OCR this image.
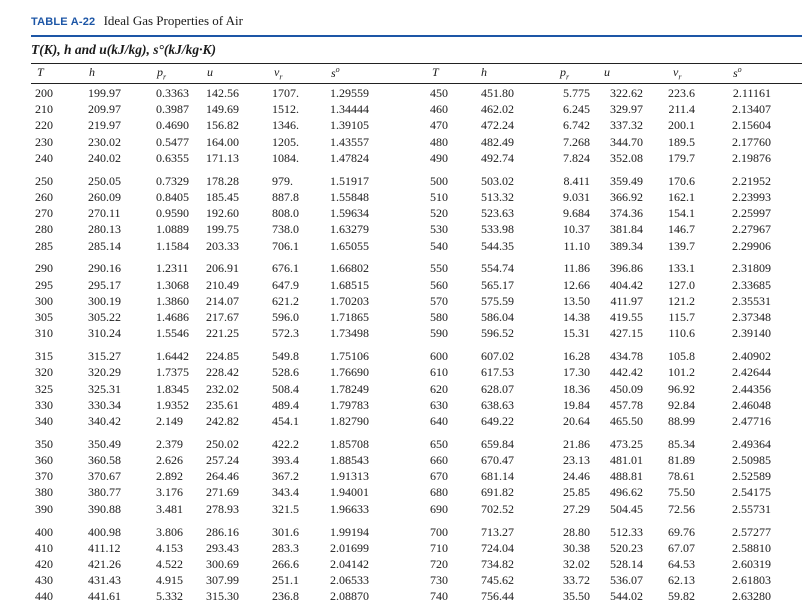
TABLE A-22 Ideal Gas Properties of Air
T(K), h and u(kJ/kg), s°(kJ/kg·K)
T	h	$p_r$	u	$v_r$	$s^o$	T	h	$p_r$	u	$v_r$	$s^o$
200	199.97	0.3363 142.56	1707.	1.29559	450	451.80	5.775 322.62 223.6	2.11161
210	209.97	0.3987 149.69	1512.	1.34444	460	462.02	6.245 329.97 211.4	2.13407
220	219.97	0.4690 156.82	1346.	1.39105	470	472.24	6.742 337.32 200.1	2.15604
230	230.02	0.5477 164.00	1205.	1.43557	480	482.49	7.268 344.70 189.5	2.17760
240	240.02	0.6355 171.13	1084.	1.47824	490	492.74	7.824 352.08 179.7	2.19876
250	250.05	0.7329 178.28	979.	1.51917	500	503.02	8.411 359.49 170.6	2.21952
260	260.09	0.8405 185.45	887.8	1.55848	510	513.32	9.031 366.92 162.1	2.23993
270	270.11	0.9590 192.60	808.0	1.59634	520	523.63	9.684 374.36 154.1	2.25997
280	280.13	1.0889 199.75	738.0	1.63279	530	533.98	10.37 381.84 146.7	2.27967
285	285.14	1.1584 203.33	706.1	1.65055	540	544.35	11.10 389.34 139.7	2.29906
290	290.16	1.2311 206.91	676.1	1.66802	550	554.74	11.86 396.86 133.1	2.31809
295	295.17	1.3068 210.49	647.9	1.68515	560	565.17	12.66 404.42 127.0	2.33685
300	300.19	1.3860 214.07	621.2	1.70203	570	575.59	13.50 411.97 121.2	2.35531
305	305.22	1.4686 217.67	596.0	1.71865	580	586.04	14.38 419.55 115.7	2.37348
310	310.24	1.5546 221.25	572.3	1.73498	590	596.52	15.31 427.15 110.6	2.39140
315	315.27	1.6442 224.85	549.8	1.75106	600	607.02	16.28 434.78 105.8	2.40902
320	320.29	1.7375 228.42	528.6	1.76690	610	617.53	17.30 442.42 101.2	2.42644
325	325.31	1.8345 232.02	508.4	1.78249	620	628.07	18.36 450.09 96.92	2.44356
330	330.34	1.9352 235.61	489.4	1.79783	630	638.63	19.84 457.78 92.84	2.46048
340	340.42	2.149 242.82	454.1	1.82790	640	649.22	20.64 465.50 88.99	2.47716
350	350.49	2.379 250.02	422.2	1.85708	650	659.84	21.86 473.25 85.34	2.49364
360	360.58	2.626 257.24	393.4	1.88543	660	670.47	23.13 481.01 81.89	2.50985
370	370.67	2.892 264.46	367.2	1.91313	670	681.14	24.46 488.81 78.61	2.52589
380	380.77	3.176 271.69	343.4	1.94001	680	691.82	25.85 496.62 75.50	2.54175
390	390.88	3.481 278.93	321.5	1.96633	690	702.52	27.29 504.45 72.56	2.55731
400	400.98	3.806 286.16	301.6	1.99194	700	713.27	28.80 512.33 69.76	2.57277
410	411.12	4.153 293.43	283.3	2.01699	710	724.04	30.38 520.23 67.07	2.58810
420	421.26	4.522 300.69	266.6	2.04142	720	734.82	32.02 528.14 64.53	2.60319
430	431.43	4.915 307.99	251.1	2.06533	730	745.62	33.72 536.07 62.13	2.61803
440	441.61	5.332 315.30	236.8	2.08870	740	756.44	35.50 544.02 59.82	2.63280
